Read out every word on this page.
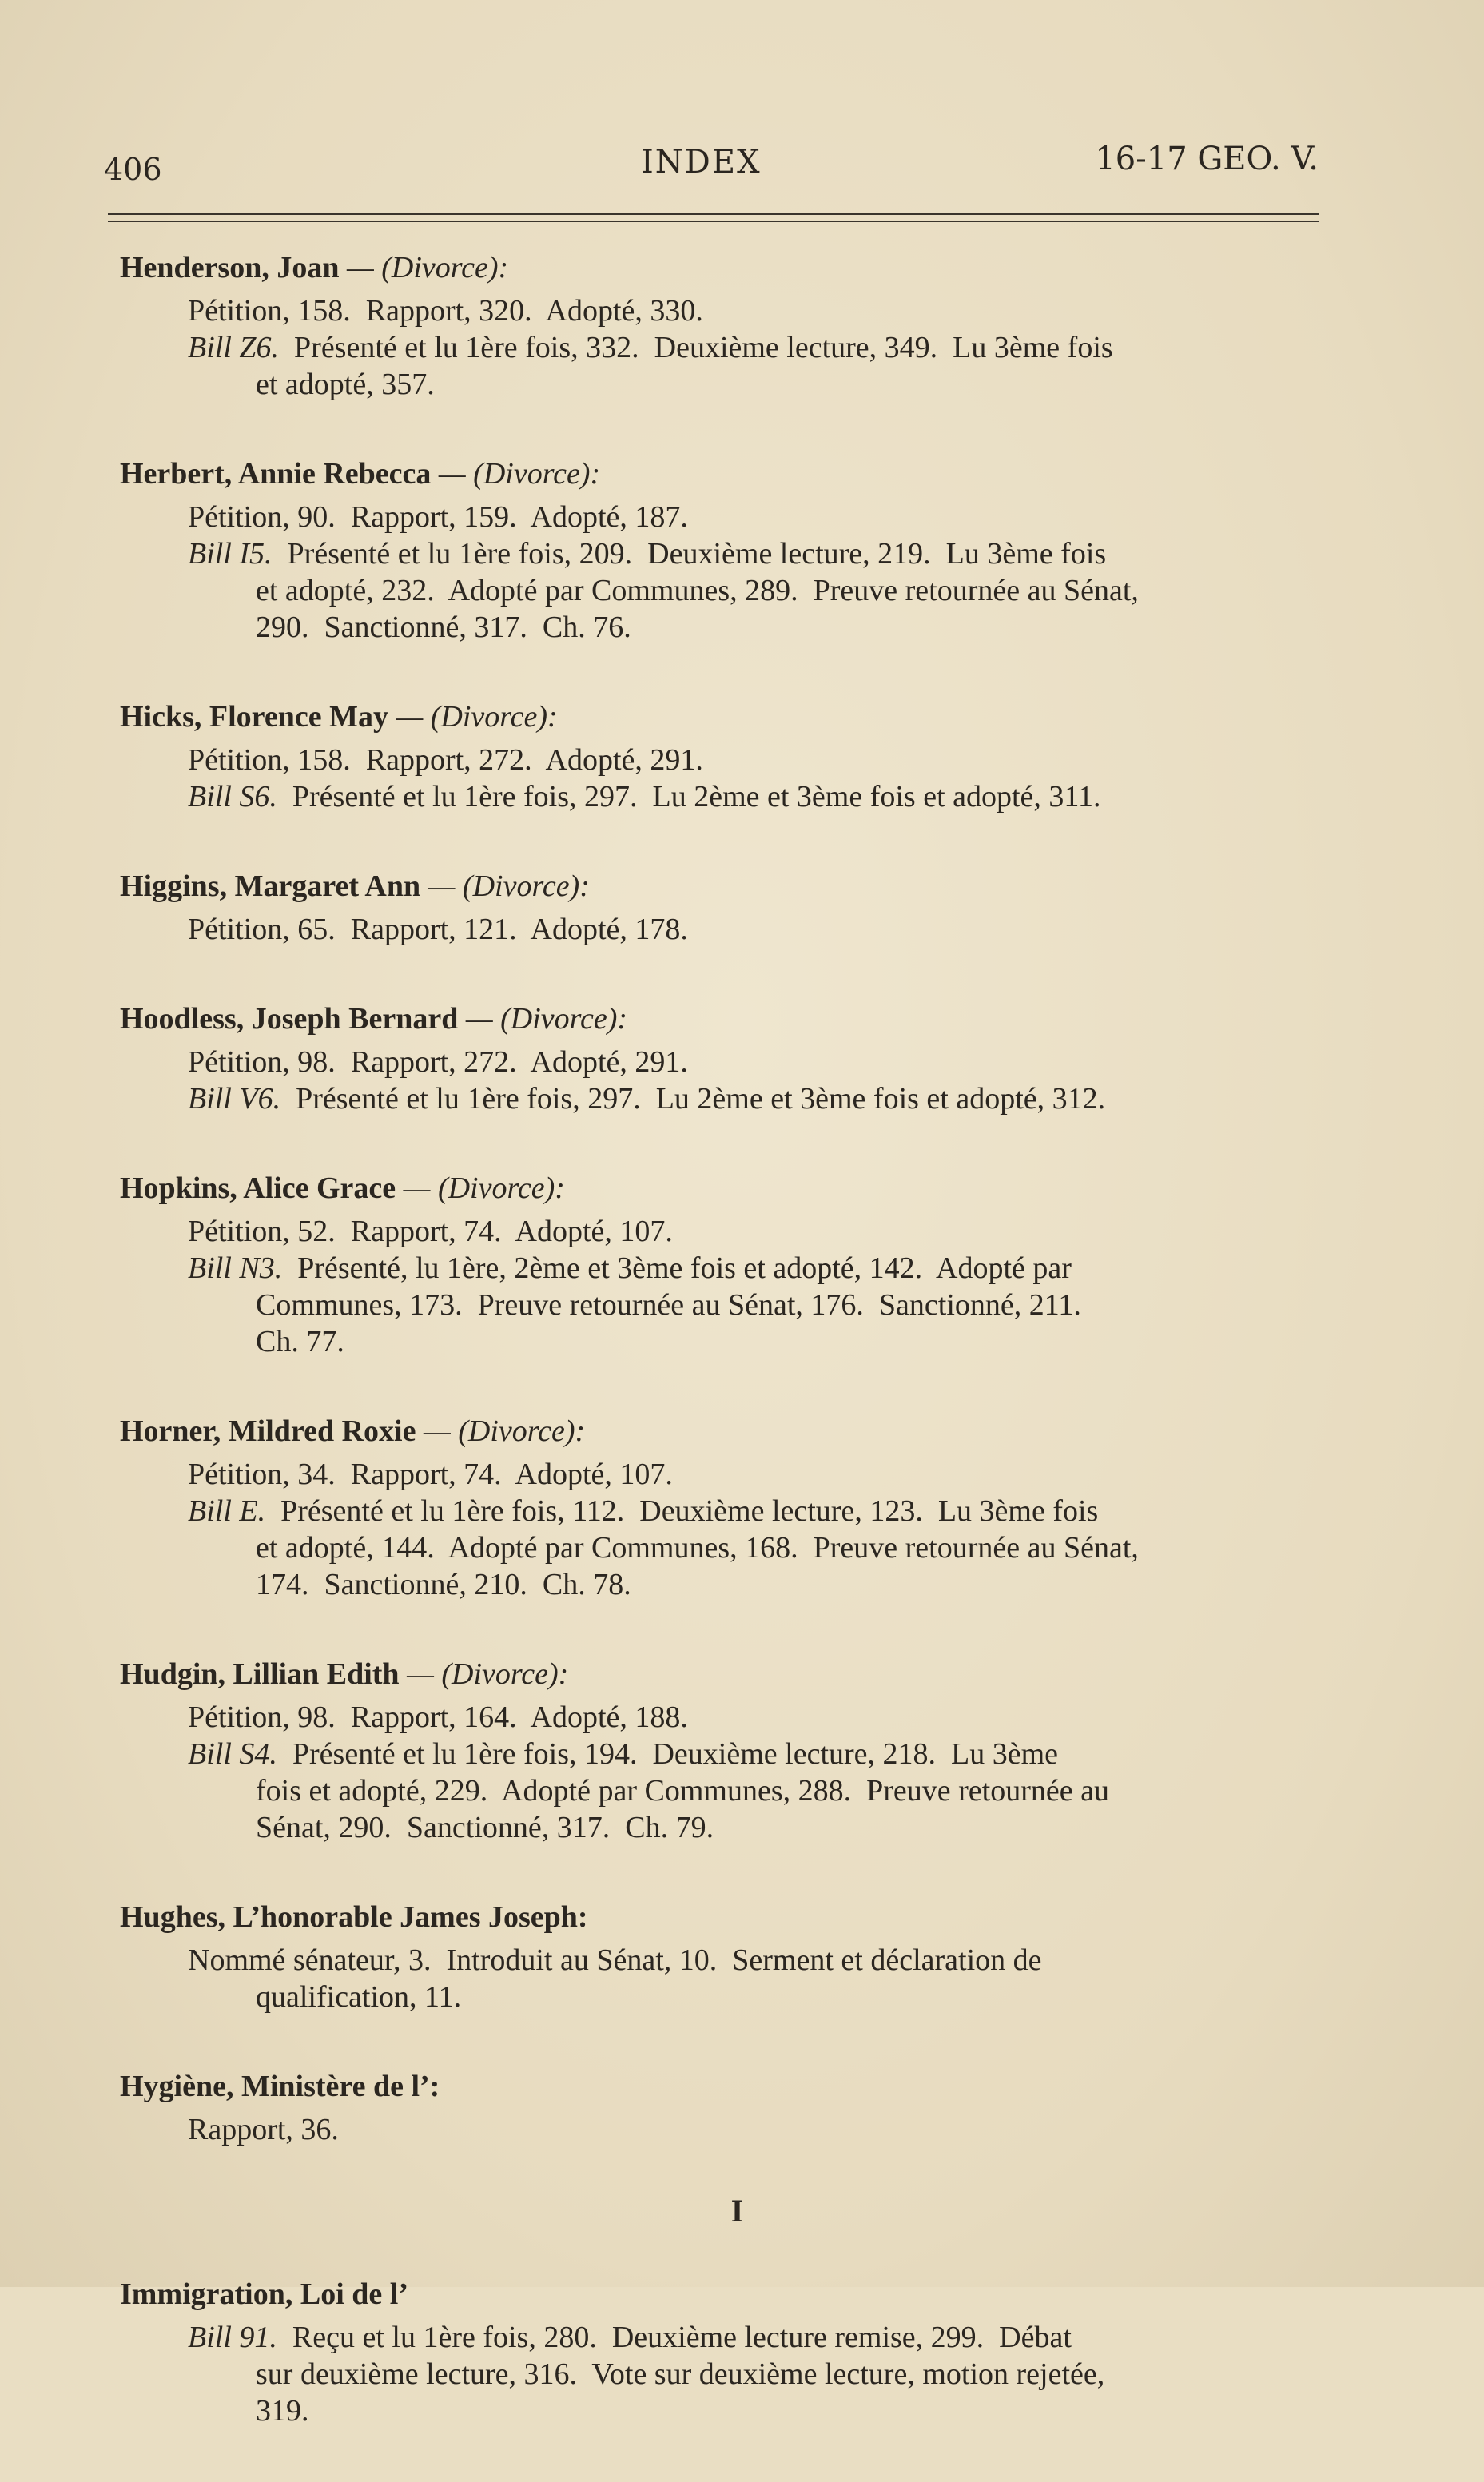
406	INDEX	16-17 GEO. V.
Henderson, Joan — (Divorce):
Pétition, 158.  Rapport, 320.  Adopté, 330.
Bill Z6.  Présenté et lu 1ère fois, 332.  Deuxième lecture, 349.  Lu 3ème fois
et adopté, 357.
Herbert, Annie Rebecca — (Divorce):
Pétition, 90.  Rapport, 159.  Adopté, 187.
Bill I5.  Présenté et lu 1ère fois, 209.  Deuxième lecture, 219.  Lu 3ème fois
et adopté, 232.  Adopté par Communes, 289.  Preuve retournée au Sénat,
290.  Sanctionné, 317.  Ch. 76.
Hicks, Florence May — (Divorce):
Pétition, 158.  Rapport, 272.  Adopté, 291.
Bill S6.  Présenté et lu 1ère fois, 297.  Lu 2ème et 3ème fois et adopté, 311.
Higgins, Margaret Ann — (Divorce):
Pétition, 65.  Rapport, 121.  Adopté, 178.
Hoodless, Joseph Bernard — (Divorce):
Pétition, 98.  Rapport, 272.  Adopté, 291.
Bill V6.  Présenté et lu 1ère fois, 297.  Lu 2ème et 3ème fois et adopté, 312.
Hopkins, Alice Grace — (Divorce):
Pétition, 52.  Rapport, 74.  Adopté, 107.
Bill N3.  Présenté, lu 1ère, 2ème et 3ème fois et adopté, 142.  Adopté par
Communes, 173.  Preuve retournée au Sénat, 176.  Sanctionné, 211.
Ch. 77.
Horner, Mildred Roxie — (Divorce):
Pétition, 34.  Rapport, 74.  Adopté, 107.
Bill E.  Présenté et lu 1ère fois, 112.  Deuxième lecture, 123.  Lu 3ème fois
et adopté, 144.  Adopté par Communes, 168.  Preuve retournée au Sénat,
174.  Sanctionné, 210.  Ch. 78.
Hudgin, Lillian Edith — (Divorce):
Pétition, 98.  Rapport, 164.  Adopté, 188.
Bill S4.  Présenté et lu 1ère fois, 194.  Deuxième lecture, 218.  Lu 3ème
fois et adopté, 229.  Adopté par Communes, 288.  Preuve retournée au
Sénat, 290.  Sanctionné, 317.  Ch. 79.
Hughes, L’honorable James Joseph:
Nommé sénateur, 3.  Introduit au Sénat, 10.  Serment et déclaration de
qualification, 11.
Hygiène, Ministère de l’:
Rapport, 36.
I
Immigration, Loi de l’
Bill 91.  Reçu et lu 1ère fois, 280.  Deuxième lecture remise, 299.  Débat
sur deuxième lecture, 316.  Vote sur deuxième lecture, motion rejetée,
319.
